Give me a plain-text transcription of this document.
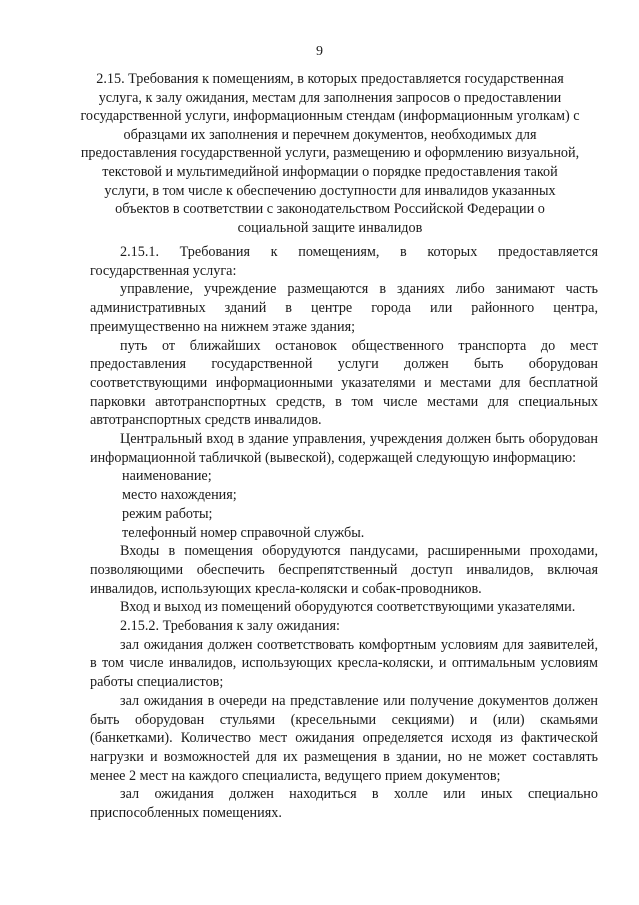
9
2.15. Требования к помещениям, в которых предоставляется государственная услуга, к залу ожидания, местам для заполнения запросов о предоставлении государственной услуги, информационным стендам (информационным уголкам) с образцами их заполнения и перечнем документов, необходимых для предоставления государственной услуги, размещению и оформлению визуальной, текстовой и мультимедийной информации о порядке предоставления такой услуги, в том числе к обеспечению доступности для инвалидов указанных объектов в соответствии с законодательством Российской Федерации о социальной защите инвалидов

2.15.1. Требования к помещениям, в которых предоставляется государственная услуга:

управление, учреждение размещаются в зданиях либо занимают часть административных зданий в центре города или районного центра, преимущественно на нижнем этаже здания;

путь от ближайших остановок общественного транспорта до мест предоставления государственной услуги должен быть оборудован соответствующими информационными указателями и местами для бесплатной парковки автотранспортных средств, в том числе местами для специальных автотранспортных средств инвалидов.

Центральный вход в здание управления, учреждения должен быть оборудован информационной табличкой (вывеской), содержащей следующую информацию:

наименование;

место нахождения;

режим работы;

телефонный номер справочной службы.

Входы в помещения оборудуются пандусами, расширенными проходами, позволяющими обеспечить беспрепятственный доступ инвалидов, включая инвалидов, использующих кресла-коляски и собак-проводников.

Вход и выход из помещений оборудуются соответствующими указателями.

2.15.2. Требования к залу ожидания:

зал ожидания должен соответствовать комфортным условиям для заявителей, в том числе инвалидов, использующих кресла-коляски, и оптимальным условиям работы специалистов;

зал ожидания в очереди на представление или получение документов должен быть оборудован стульями (кресельными секциями) и (или) скамьями (банкетками). Количество мест ожидания определяется исходя из фактической нагрузки и возможностей для их размещения в здании, но не может составлять менее 2 мест на каждого специалиста, ведущего прием документов;

зал ожидания должен находиться в холле или иных специально приспособленных помещениях.
